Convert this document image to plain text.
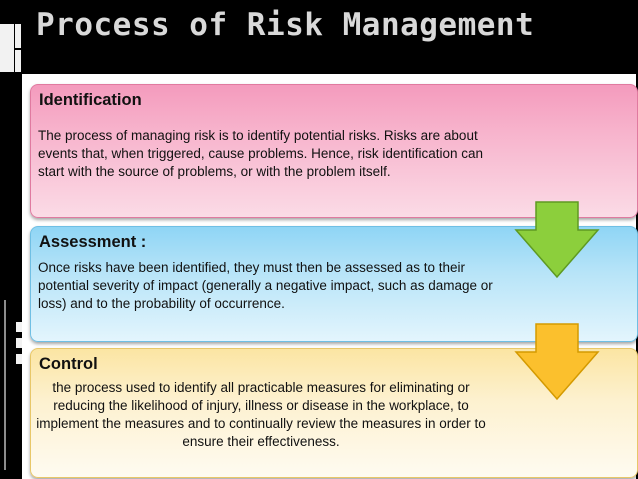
Process of Risk Management
Identification
The process of managing risk is to identify potential risks. Risks are about events that, when triggered, cause problems. Hence, risk identification can start with the source of problems, or with the problem itself.
Assessment :
Once risks have been identified, they must then be assessed as to their potential severity of impact (generally a negative impact, such as damage or loss) and to the probability of occurrence.
Control
the process used to identify all practicable measures for eliminating or reducing the likelihood of injury, illness or disease in the workplace, to implement the measures and to continually review the measures in order to ensure their effectiveness.
